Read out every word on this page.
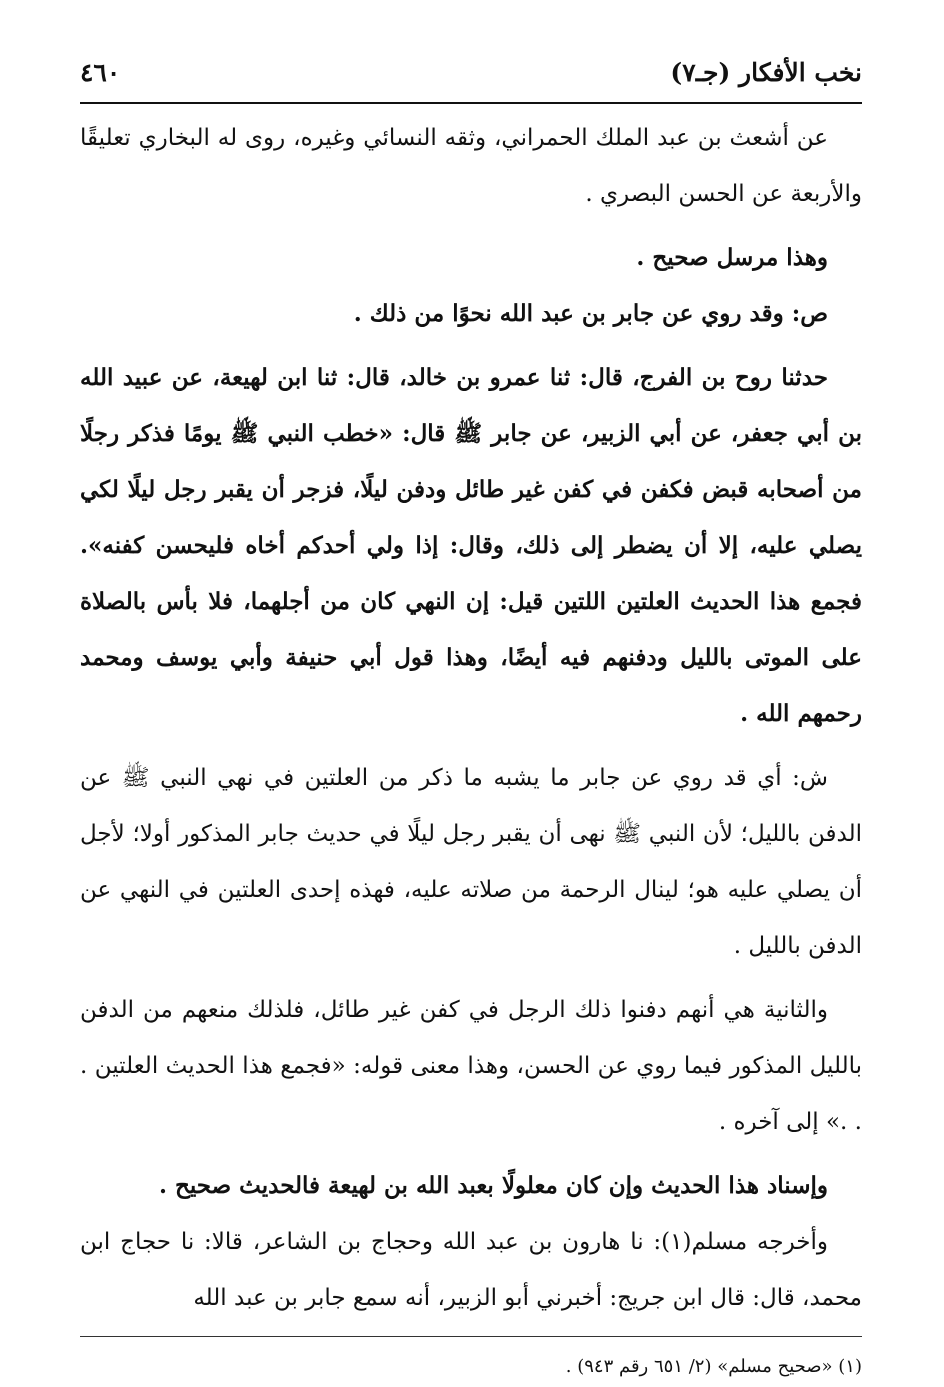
نخب الأفكار (جـ٧)
٤٦٠

عن أشعث بن عبد الملك الحمراني، وثقه النسائي وغيره، روى له البخاري تعليقًا والأربعة عن الحسن البصري .

وهذا مرسل صحيح .

ص: وقد روي عن جابر بن عبد الله نحوًا من ذلك .

حدثنا روح بن الفرج، قال: ثنا عمرو بن خالد، قال: ثنا ابن لهيعة، عن عبيد الله بن أبي جعفر، عن أبي الزبير، عن جابر ﷺ قال: «خطب النبي ﷺ يومًا فذكر رجلًا من أصحابه قبض فكفن في كفن غير طائل ودفن ليلًا، فزجر أن يقبر رجل ليلًا لكي يصلي عليه، إلا أن يضطر إلى ذلك، وقال: إذا ولي أحدكم أخاه فليحسن كفنه». فجمع هذا الحديث العلتين اللتين قيل: إن النهي كان من أجلهما، فلا بأس بالصلاة على الموتى بالليل ودفنهم فيه أيضًا، وهذا قول أبي حنيفة وأبي يوسف ومحمد رحمهم الله .

ش: أي قد روي عن جابر ما يشبه ما ذكر من العلتين في نهي النبي ﷺ عن الدفن بالليل؛ لأن النبي ﷺ نهى أن يقبر رجل ليلًا في حديث جابر المذكور أولا؛ لأجل أن يصلي عليه هو؛ لينال الرحمة من صلاته عليه، فهذه إحدى العلتين في النهي عن الدفن بالليل .

والثانية هي أنهم دفنوا ذلك الرجل في كفن غير طائل، فلذلك منعهم من الدفن بالليل المذكور فيما روي عن الحسن، وهذا معنى قوله: «فجمع هذا الحديث العلتين . . .» إلى آخره .

وإسناد هذا الحديث وإن كان معلولًا بعبد الله بن لهيعة فالحديث صحيح .

وأخرجه مسلم(١): نا هارون بن عبد الله وحجاج بن الشاعر، قالا: نا حجاج ابن محمد، قال: قال ابن جريج: أخبرني أبو الزبير، أنه سمع جابر بن عبد الله

(١) «صحيح مسلم» (٢/ ٦٥١ رقم ٩٤٣) .
